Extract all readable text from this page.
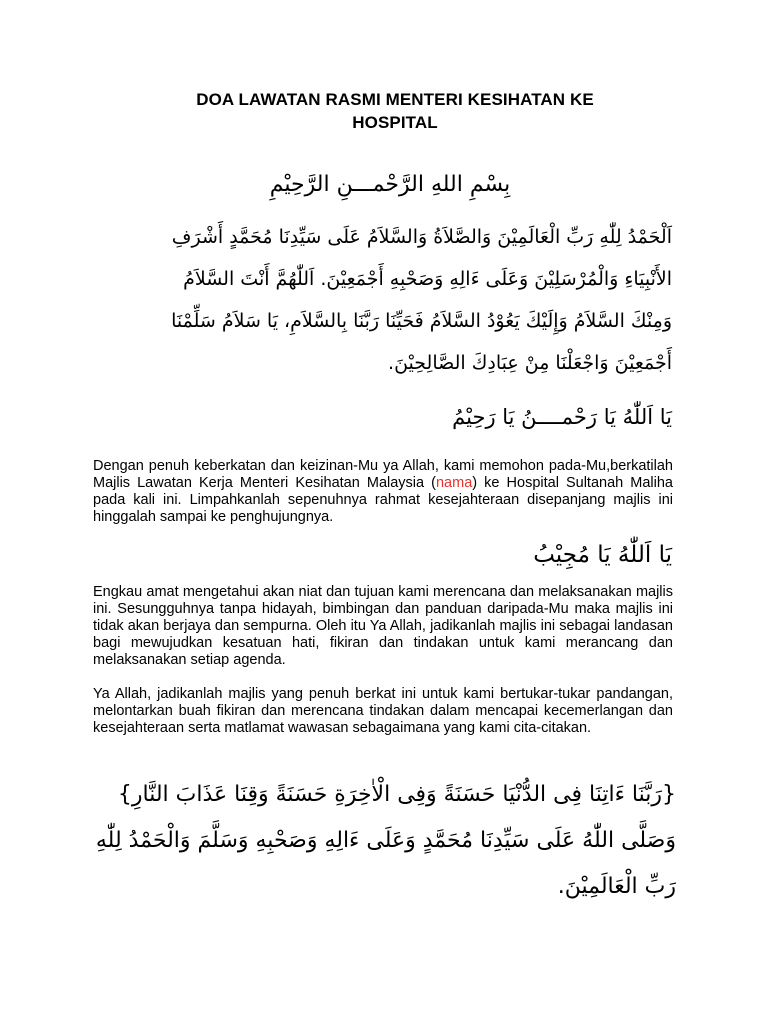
DOA LAWATAN RASMI MENTERI KESIHATAN KE
HOSPITAL
بِسْمِ اللهِ الرَّحْمـــنِ الرَّحِيْمِ
اَلْحَمْدُ لِلّٰهِ رَبِّ الْعَالَمِيْنَ وَالصَّلاَةُ وَالسَّلاَمُ عَلَى سَيِّدِنَا مُحَمَّدٍ أَشْرَفِ
الأَنْبِيَاءِ وَالْمُرْسَلِيْنَ وَعَلَى ءَالِهِ وَصَحْبِهِ أَجْمَعِيْنَ. اَللّٰهُمَّ أَنْتَ السَّلاَمُ
وَمِنْكَ السَّلاَمُ وَإِلَيْكَ يَعُوْدُ السَّلاَمُ فَحَيِّنَا رَبَّنَا بِالسَّلاَمِ، يَا سَلاَمُ سَلِّمْنَا
أَجْمَعِيْنَ وَاجْعَلْنَا مِنْ عِبَادِكَ الصَّالِحِيْنَ.
يَا اَللّٰهُ يَا رَحْمــــنُ يَا رَحِيْمُ
Dengan penuh keberkatan dan keizinan-Mu ya Allah, kami memohon pada-Mu,berkatilah Majlis Lawatan Kerja Menteri Kesihatan Malaysia (nama) ke Hospital Sultanah Maliha pada kali ini. Limpahkanlah sepenuhnya rahmat kesejahteraan disepanjang majlis ini hinggalah sampai ke penghujungnya.
يَا اَللّٰهُ يَا مُجِيْبُ
Engkau amat mengetahui akan niat dan tujuan kami merencana dan melaksanakan majlis ini. Sesungguhnya tanpa hidayah, bimbingan dan panduan daripada-Mu maka majlis ini tidak akan berjaya dan sempurna. Oleh itu Ya Allah, jadikanlah majlis ini sebagai landasan bagi mewujudkan kesatuan hati, fikiran dan tindakan untuk kami merancang dan melaksanakan setiap agenda.
Ya Allah, jadikanlah majlis yang penuh berkat ini untuk kami bertukar-tukar pandangan, melontarkan buah fikiran dan merencana tindakan dalam mencapai kecemerlangan dan kesejahteraan serta matlamat wawasan sebagaimana yang kami cita-citakan.
{رَبَّنَا ءَاتِنَا فِى الدُّنْيَا حَسَنَةً وَفِى الْاٰخِرَةِ حَسَنَةً وَقِنَا عَذَابَ النَّارِ}
وَصَلَّى اللّٰهُ عَلَى سَيِّدِنَا مُحَمَّدٍ وَعَلَى ءَالِهِ وَصَحْبِهِ وَسَلَّمَ وَالْحَمْدُ لِلّٰهِ
رَبِّ الْعَالَمِيْنَ.
